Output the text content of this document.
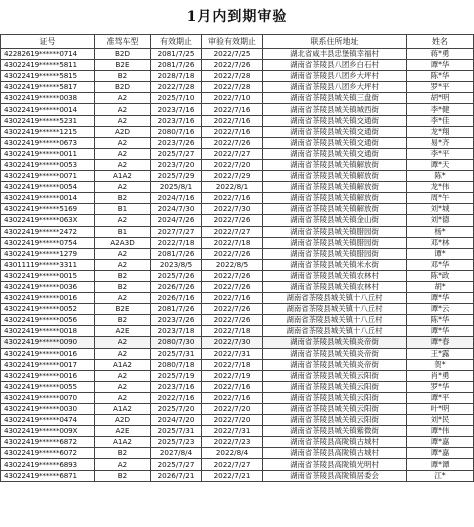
1月内到期审验
证号	准驾车型	有效期止	审验有效期止	联系住所地址	姓名
42282619******0714	B2D	2081/7/25	2022/7/25	湖北省咸丰县忠堡镇幸福村	蒋*勇
43022419******5811	B2E	2081/7/26	2022/7/26	湖南省茶陵县八团乡白石村	谭*华
43022419******5815	B2	2028/7/18	2022/7/28	湖南省茶陵县八团乡大坪村	陈*华
43022419******5817	B2D	2022/7/28	2022/7/28	湖南省茶陵县八团乡大坪村	罗*平
43022419******0038	A2	2025/7/10	2022/7/10	湖南省茶陵县城关镇三盘街	胡*明
43022419******0014	A2	2023/7/16	2022/7/16	湖南省茶陵县城关镇城西街	李*健
43022419******5231	A2	2023/7/16	2022/7/16	湖南省茶陵县城关镇交通街	李*佳
43022419******1215	A2D	2080/7/16	2022/7/16	湖南省茶陵县城关镇交通街	龙*翔
43022419******0673	A2	2023/7/26	2022/7/26	湖南省茶陵县城关镇交通街	易*齐
43022419******0011	A2	2025/7/27	2022/7/27	湖南省茶陵县城关镇交通街	李*平
43022419******0053	A2	2023/7/20	2022/7/20	湖南省茶陵县城关镇解放街	谭*天
43022419******0071	A1A2	2025/7/29	2022/7/29	湖南省茶陵县城关镇解放街	陈*
43022419******0054	A2	2025/8/1	2022/8/1	湖南省茶陵县城关镇解放街	龙*伟
43022419******0014	B2	2024/7/16	2022/7/16	湖南省茶陵县城关镇解放街	周*午
43022419******5169	B1	2024/7/30	2022/7/30	湖南省茶陵县城关镇解放街	刘*城
43022419******063X	A2	2024/7/26	2022/7/26	湖南省茶陵县城关镇金山街	刘*德
43022419******2472	B1	2027/7/27	2022/7/27	湖南省茶陵县城关镇腊园街	杨*
43022419******0754	A2A3D	2022/7/18	2022/7/18	湖南省茶陵县城关镇腊园街	邓*林
43022419******1279	A2	2081/7/26	2022/7/26	湖南省茶陵县城关镇腊园街	谭*
43011119******3311	A2	2023/8/5	2022/8/5	湖南省茶陵县城关镇米水街	邓*华
43022419******0015	B2	2025/7/26	2022/7/26	湖南省茶陵县城关镇农林村	陈*政
43022419******0036	B2	2026/7/26	2022/7/26	湖南省茶陵县城关镇农林村	胡*
43022419******0016	A2	2026/7/16	2022/7/16	湖南省茶陵县城关镇十八丘村	谭*华
43022419******0052	B2E	2081/7/26	2022/7/26	湖南省茶陵县城关镇十八丘村	谭*云
43022419******0056	B2	2023/7/26	2022/7/26	湖南省茶陵县城关镇十八丘村	陈*华
43022419******0018	A2E	2023/7/18	2022/7/18	湖南省茶陵县城关镇十八丘村	谭*华
43022419******0090	A2	2080/7/30	2022/7/30	湖南省茶陵县城关镇炎帝街	谭*春
43022419******0016	A2	2025/7/31	2022/7/31	湖南省茶陵县城关镇炎帝街	王*露
43022419******0017	A1A2	2080/7/18	2022/7/18	湖南省茶陵县城关镇炎帝街	贺*
43022419******0016	A2	2025/7/19	2022/7/19	湖南省茶陵县城关镇云阳街	肖*勇
43022419******0055	A2	2023/7/16	2022/7/16	湖南省茶陵县城关镇云阳街	罗*华
43022419******0070	A2	2022/7/16	2022/7/16	湖南省茶陵县城关镇云阳街	谭*平
43022419******0030	A1A2	2025/7/20	2022/7/20	湖南省茶陵县城关镇云阳街	叶*明
43022419******0474	A2D	2024/7/20	2022/7/20	湖南省茶陵县城关镇云阳街	刘*民
43022419******009X	A2E	2025/7/31	2022/7/31	湖南省茶陵县城关镇紫微街	谭*伟
43022419******6872	A1A2	2025/7/23	2022/7/23	湖南省茶陵县高陇镇古城村	谭*嘉
43022419******6072	B2	2027/8/4	2022/8/4	湖南省茶陵县高陇镇古城村	谭*嘉
43022419******6893	A2	2025/7/27	2022/7/27	湖南省茶陵县高陇镇光明村	谭*谭
43022419******6871	B2	2026/7/21	2022/7/21	湖南省茶陵县高陇镇居委会	江*
